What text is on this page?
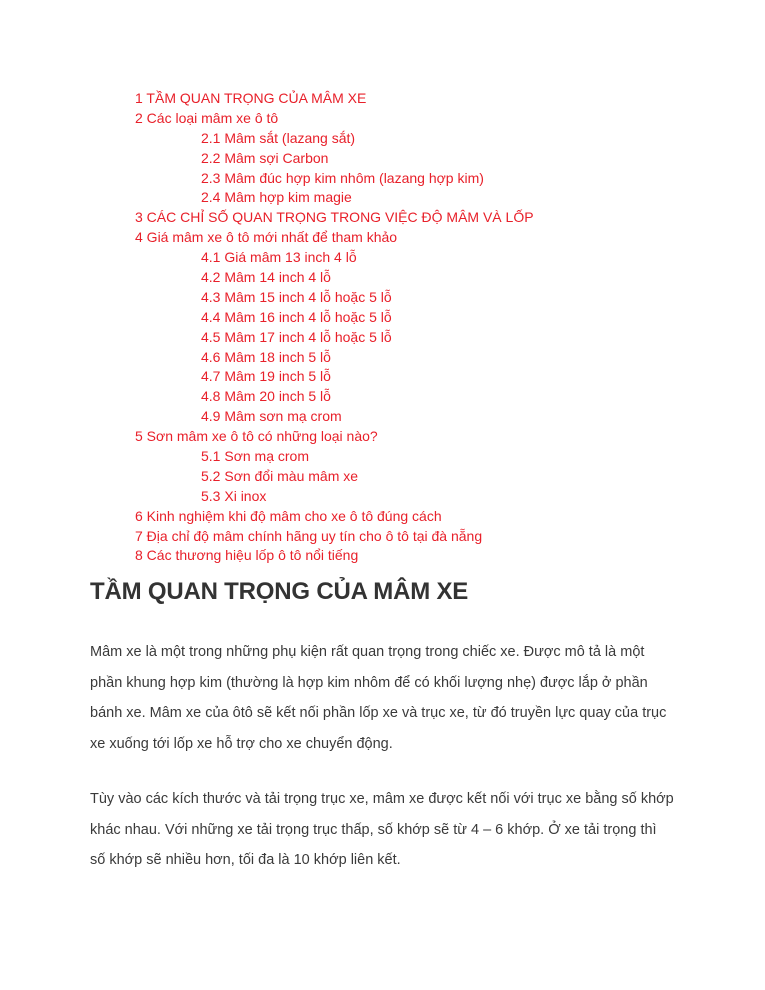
1 TẦM QUAN TRỌNG CỦA MÂM XE
2 Các loại mâm xe ô tô
2.1 Mâm sắt (lazang sắt)
2.2 Mâm sợi Carbon
2.3 Mâm đúc hợp kim nhôm (lazang hợp kim)
2.4 Mâm hợp kim magie
3 CÁC CHỈ SỐ QUAN TRỌNG TRONG VIỆC ĐỘ MÂM VÀ LỐP
4 Giá mâm xe ô tô mới nhất để tham khảo
4.1 Giá mâm 13 inch 4 lỗ
4.2 Mâm 14 inch 4 lỗ
4.3 Mâm 15 inch 4 lỗ hoặc 5 lỗ
4.4 Mâm 16 inch 4 lỗ hoặc 5 lỗ
4.5 Mâm 17 inch 4 lỗ hoặc 5 lỗ
4.6 Mâm 18 inch 5 lỗ
4.7 Mâm 19 inch 5 lỗ
4.8 Mâm 20 inch 5 lỗ
4.9 Mâm sơn mạ crom
5 Sơn mâm xe ô tô có những loại nào?
5.1 Sơn mạ crom
5.2 Sơn đổi màu mâm xe
5.3 Xi inox
6 Kinh nghiệm khi độ mâm cho xe ô tô đúng cách
7 Địa chỉ độ mâm chính hãng uy tín cho ô tô tại đà nẵng
8 Các thương hiệu lốp ô tô nổi tiếng
TẦM QUAN TRỌNG CỦA MÂM XE

Mâm xe là một trong những phụ kiện rất quan trọng trong chiếc xe. Được mô tả là một phần khung hợp kim (thường là hợp kim nhôm để có khối lượng nhẹ) được lắp ở phần bánh xe. Mâm xe của ôtô sẽ kết nối phần lốp xe và trục xe, từ đó truyền lực quay của trục xe xuống tới lốp xe hỗ trợ cho xe chuyển động.

Tùy vào các kích thước và tải trọng trục xe, mâm xe được kết nối với trục xe bằng số khớp khác nhau. Với những xe tải trọng trục thấp, số khớp sẽ từ 4 – 6 khớp. Ở xe tải trọng thì số khớp sẽ nhiều hơn, tối đa là 10 khớp liên kết.
